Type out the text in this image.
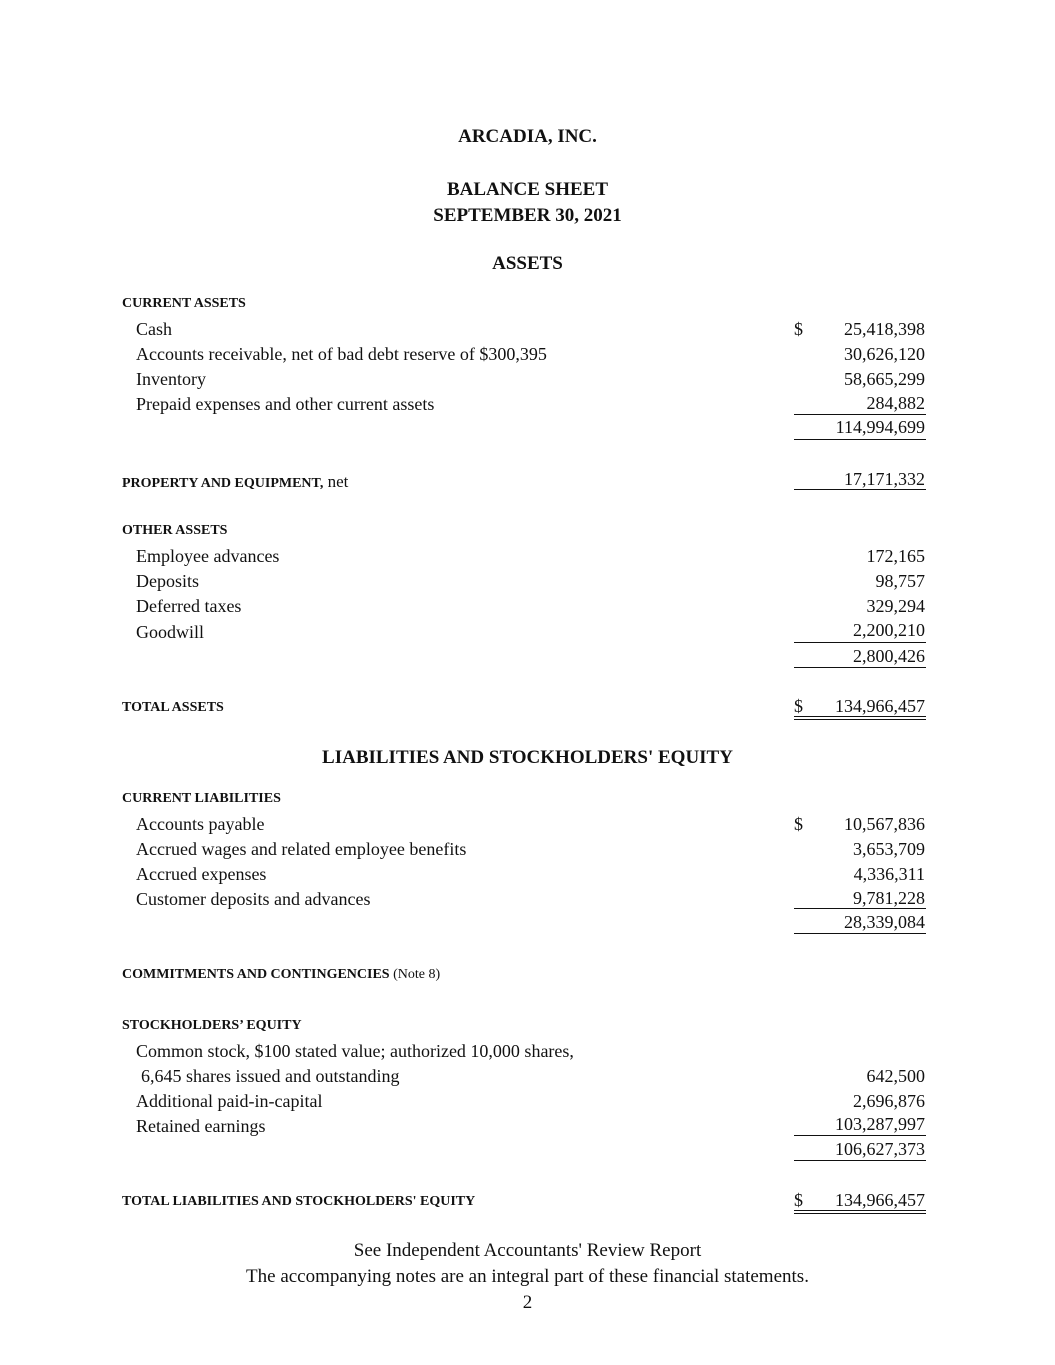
ARCADIA, INC.
BALANCE SHEET
SEPTEMBER 30, 2021
ASSETS
CURRENT ASSETS
Cash	$ 25,418,398
Accounts receivable, net of bad debt reserve of $300,395	30,626,120
Inventory	58,665,299
Prepaid expenses and other current assets	284,882
114,994,699
PROPERTY AND EQUIPMENT, net	17,171,332
OTHER ASSETS
Employee advances	172,165
Deposits	98,757
Deferred taxes	329,294
Goodwill	2,200,210
2,800,426
TOTAL ASSETS	$ 134,966,457
LIABILITIES AND STOCKHOLDERS' EQUITY
CURRENT LIABILITIES
Accounts payable	$ 10,567,836
Accrued wages and related employee benefits	3,653,709
Accrued expenses	4,336,311
Customer deposits and advances	9,781,228
28,339,084
COMMITMENTS AND CONTINGENCIES (Note 8)
STOCKHOLDERS’ EQUITY
Common stock, $100 stated value; authorized 10,000 shares,
6,645 shares issued and outstanding	642,500
Additional paid-in-capital	2,696,876
Retained earnings	103,287,997
106,627,373
TOTAL LIABILITIES AND STOCKHOLDERS' EQUITY	$ 134,966,457
See Independent Accountants' Review Report
The accompanying notes are an integral part of these financial statements.
2
